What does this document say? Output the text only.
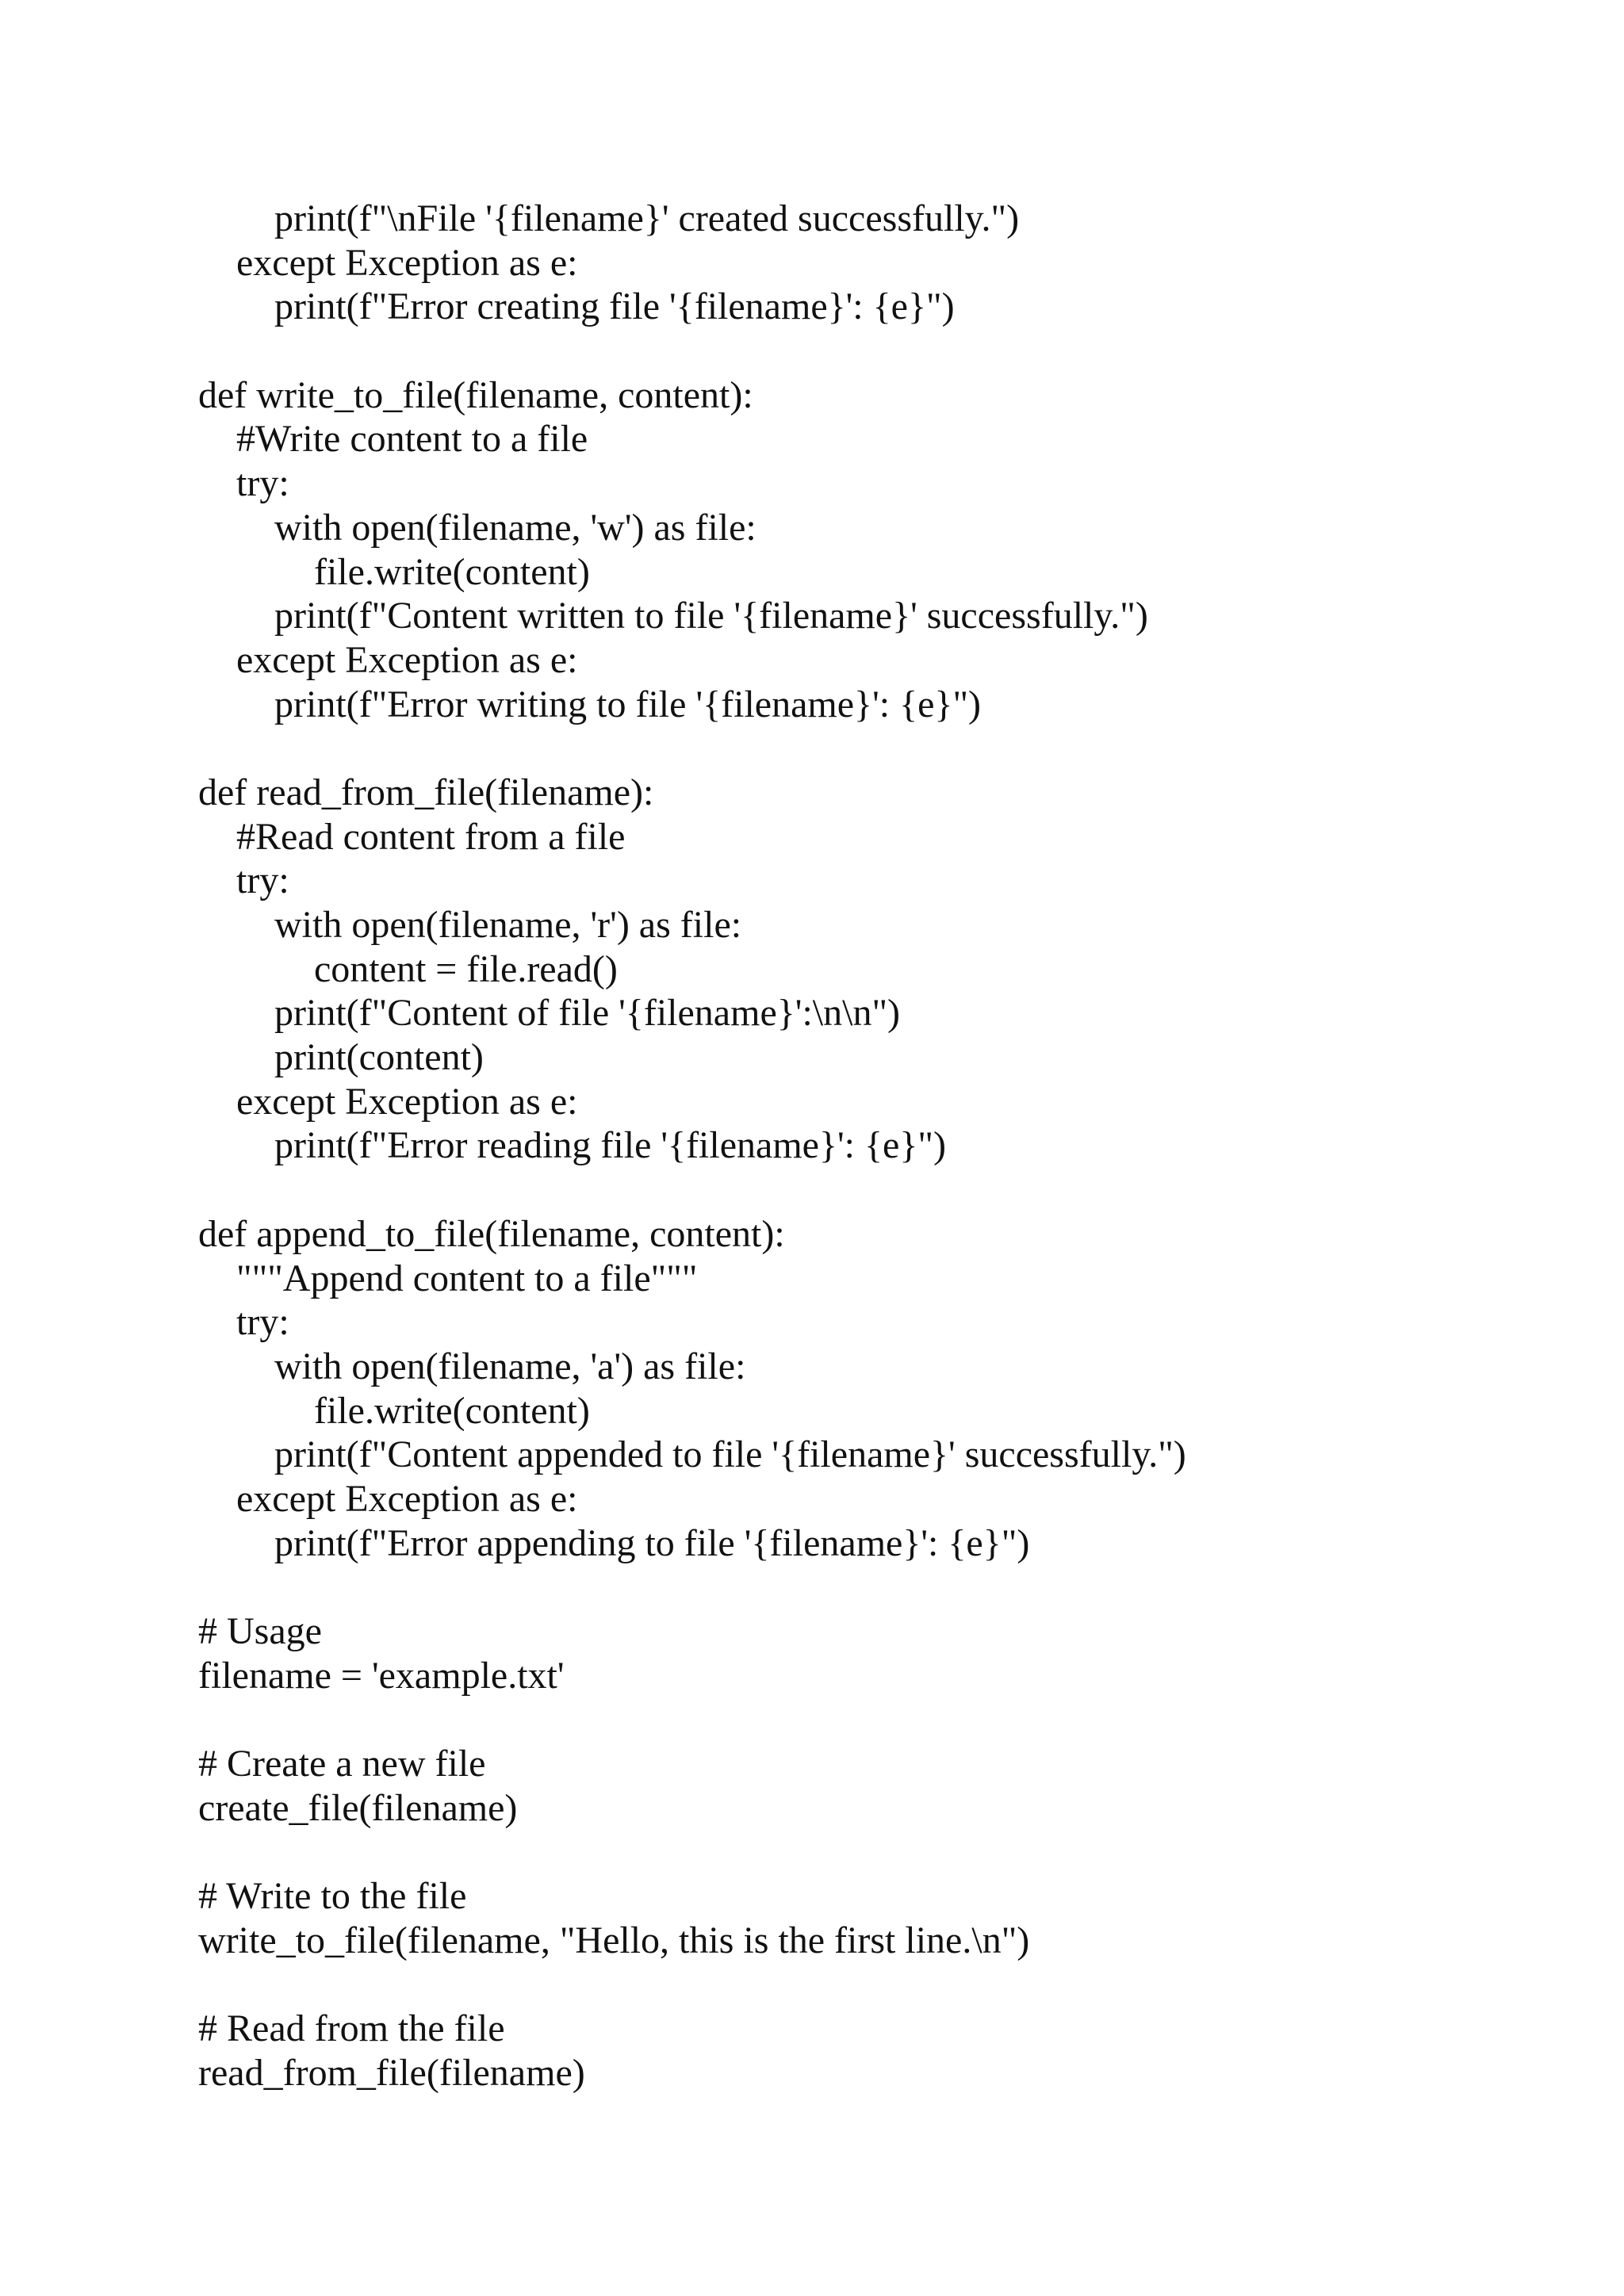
print(f"\nFile '{filename}' created successfully.")
except Exception as e:
print(f"Error creating file '{filename}': {e}")
def write_to_file(filename, content):
#Write content to a file
try:
with open(filename, 'w') as file:
file.write(content)
print(f"Content written to file '{filename}' successfully.")
except Exception as e:
print(f"Error writing to file '{filename}': {e}")
def read_from_file(filename):
#Read content from a file
try:
with open(filename, 'r') as file:
content = file.read()
print(f"Content of file '{filename}':\n\n")
print(content)
except Exception as e:
print(f"Error reading file '{filename}': {e}")
def append_to_file(filename, content):
"""Append content to a file"""
try:
with open(filename, 'a') as file:
file.write(content)
print(f"Content appended to file '{filename}' successfully.")
except Exception as e:
print(f"Error appending to file '{filename}': {e}")
# Usage
filename = 'example.txt'
# Create a new file
create_file(filename)
# Write to the file
write_to_file(filename, "Hello, this is the first line.\n")
# Read from the file
read_from_file(filename)
